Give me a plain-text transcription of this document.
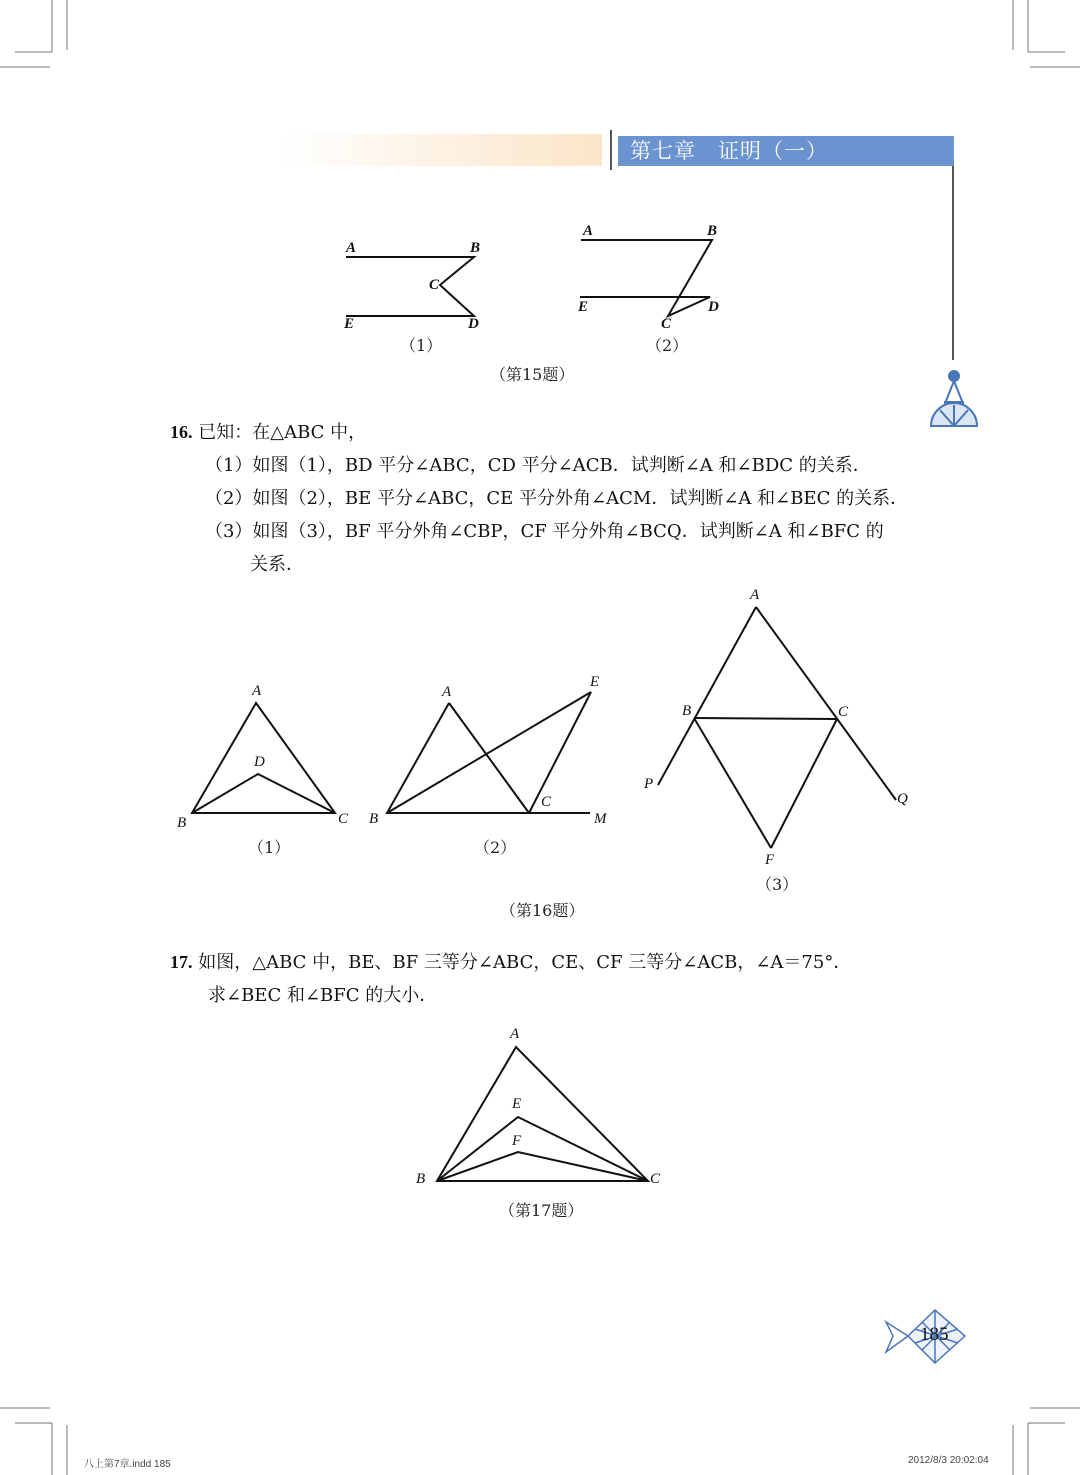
第七章　证明（一）
A	B
C
D
E
（1）
A	B
C
D
E
（2）
（第15题）
16. 已知：在△ABC 中，
（1）如图（1），BD 平分∠ABC，CD 平分∠ACB．试判断∠A 和∠BDC 的关系．
（2）如图（2），BE 平分∠ABC，CE 平分外角∠ACM．试判断∠A 和∠BEC 的关系．
（3）如图（3），BF 平分外角∠CBP，CF 平分外角∠BCQ．试判断∠A 和∠BFC 的
关系．
A
D
B	C
（1）
A
E
B
C
M
（2）
A
B	C
P
Q
F
（3）
（第16题）
17. 如图，△ABC 中，BE、BF 三等分∠ABC，CE、CF 三等分∠ACB，∠A＝75°．
求∠BEC 和∠BFC 的大小．
A
E
F
B	C
（第17题）
185
八上第7章.indd 185	2012/8/3 20:02:04
